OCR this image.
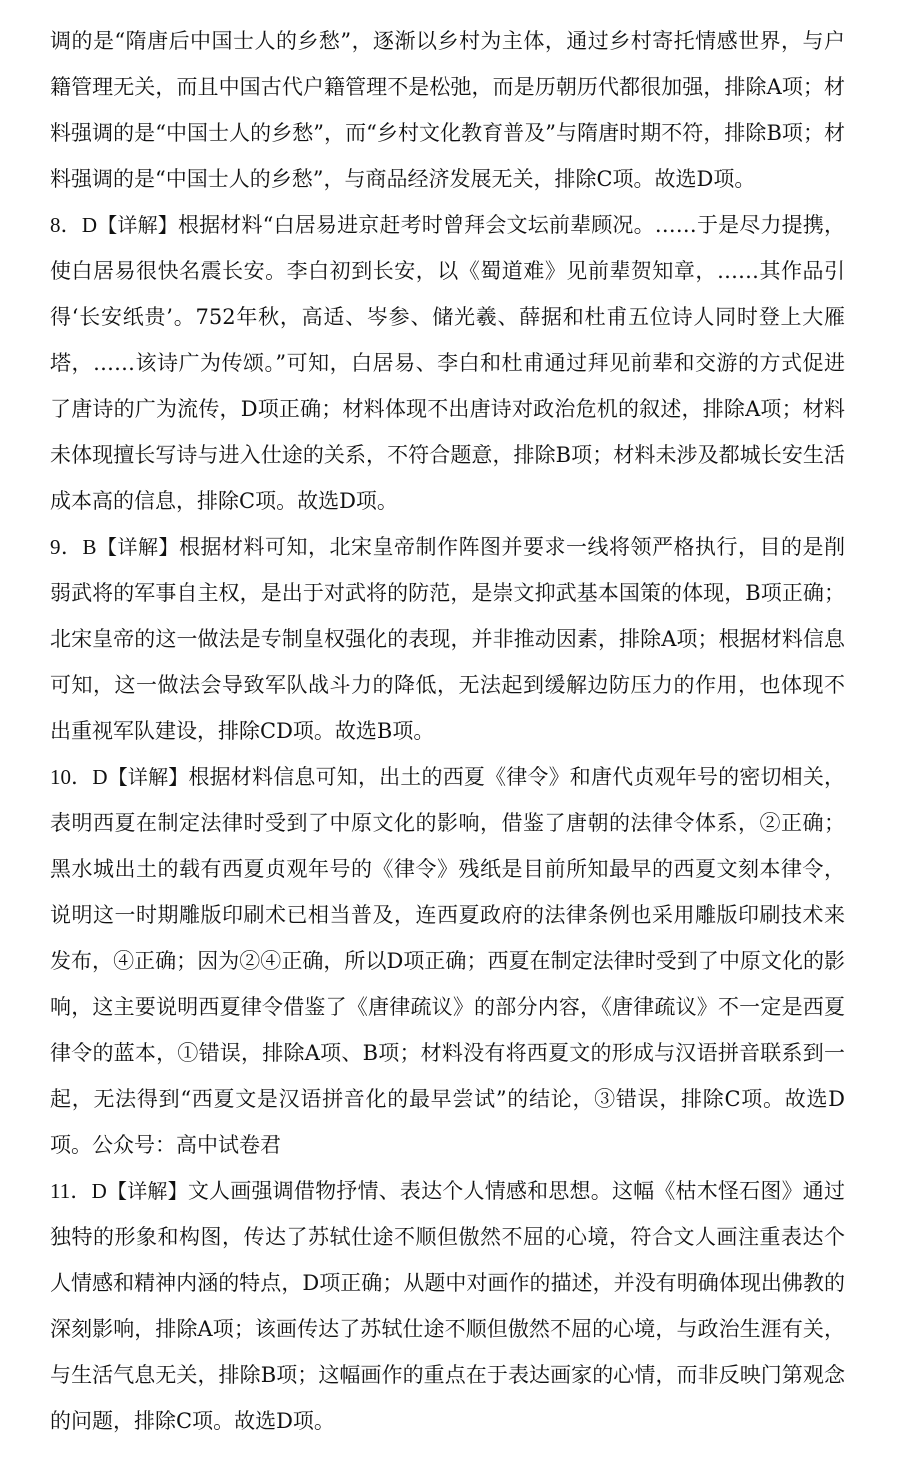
调的是“隋唐后中国士人的乡愁”，逐渐以乡村为主体，通过乡村寄托情感世界，与户籍管理无关，而且中国古代户籍管理不是松弛，而是历朝历代都很加强，排除A项；材料强调的是“中国士人的乡愁”，而“乡村文化教育普及”与隋唐时期不符，排除B项；材料强调的是“中国士人的乡愁”，与商品经济发展无关，排除C项。故选D项。

8．D【详解】根据材料“白居易进京赶考时曾拜会文坛前辈顾况。……于是尽力提携，使白居易很快名震长安。李白初到长安，以《蜀道难》见前辈贺知章，……其作品引得‘长安纸贵’。752年秋，高适、岑参、储光羲、薛据和杜甫五位诗人同时登上大雁塔，……该诗广为传颂。”可知，白居易、李白和杜甫通过拜见前辈和交游的方式促进了唐诗的广为流传，D项正确；材料体现不出唐诗对政治危机的叙述，排除A项；材料未体现擅长写诗与进入仕途的关系，不符合题意，排除B项；材料未涉及都城长安生活成本高的信息，排除C项。故选D项。

9．B【详解】根据材料可知，北宋皇帝制作阵图并要求一线将领严格执行，目的是削弱武将的军事自主权，是出于对武将的防范，是崇文抑武基本国策的体现，B项正确；北宋皇帝的这一做法是专制皇权强化的表现，并非推动因素，排除A项；根据材料信息可知，这一做法会导致军队战斗力的降低，无法起到缓解边防压力的作用，也体现不出重视军队建设，排除CD项。故选B项。

10．D【详解】根据材料信息可知，出土的西夏《律令》和唐代贞观年号的密切相关，表明西夏在制定法律时受到了中原文化的影响，借鉴了唐朝的法律令体系，②正确；黑水城出土的载有西夏贞观年号的《律令》残纸是目前所知最早的西夏文刻本律令，说明这一时期雕版印刷术已相当普及，连西夏政府的法律条例也采用雕版印刷技术来发布，④正确；因为②④正确，所以D项正确；西夏在制定法律时受到了中原文化的影响，这主要说明西夏律令借鉴了《唐律疏议》的部分内容，《唐律疏议》不一定是西夏律令的蓝本，①错误，排除A项、B项；材料没有将西夏文的形成与汉语拼音联系到一起，无法得到“西夏文是汉语拼音化的最早尝试”的结论，③错误，排除C项。故选D项。公众号：高中试卷君

11．D【详解】文人画强调借物抒情、表达个人情感和思想。这幅《枯木怪石图》通过独特的形象和构图，传达了苏轼仕途不顺但傲然不屈的心境，符合文人画注重表达个人情感和精神内涵的特点，D项正确；从题中对画作的描述，并没有明确体现出佛教的深刻影响，排除A项；该画传达了苏轼仕途不顺但傲然不屈的心境，与政治生涯有关，与生活气息无关，排除B项；这幅画作的重点在于表达画家的心情，而非反映门第观念的问题，排除C项。故选D项。
